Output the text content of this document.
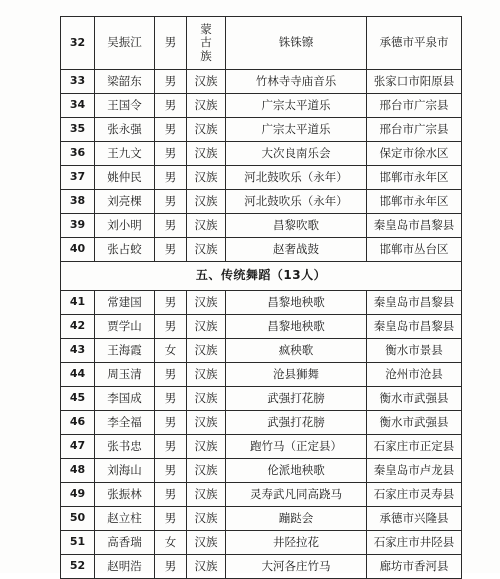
32	吴振江	男	蒙古族	铢铢镲	承德市平泉市
33	梁韶东	男	汉族	竹林寺寺庙音乐	张家口市阳原县
34	王国令	男	汉族	广宗太平道乐	邢台市广宗县
35	张永强	男	汉族	广宗太平道乐	邢台市广宗县
36	王九文	男	汉族	大次良南乐会	保定市徐水区
37	姚仲民	男	汉族	河北鼓吹乐（永年）	邯郸市永年区
38	刘亮棵	男	汉族	河北鼓吹乐（永年）	邯郸市永年区
39	刘小明	男	汉族	昌黎吹歌	秦皇岛市昌黎县
40	张占蛟	男	汉族	赵奢战鼓	邯郸市丛台区
五、传统舞蹈（13人）					
41	常建国	男	汉族	昌黎地秧歌	秦皇岛市昌黎县
42	贾学山	男	汉族	昌黎地秧歌	秦皇岛市昌黎县
43	王海霞	女	汉族	疯秧歌	衡水市景县
44	周玉清	男	汉族	沧县狮舞	沧州市沧县
45	李国成	男	汉族	武强打花膀	衡水市武强县
46	李全福	男	汉族	武强打花膀	衡水市武强县
47	张书忠	男	汉族	跑竹马（正定县）	石家庄市正定县
48	刘海山	男	汉族	伦派地秧歌	秦皇岛市卢龙县
49	张振林	男	汉族	灵寿武凡同高跷马	石家庄市灵寿县
50	赵立柱	男	汉族	蹦跶会	承德市兴隆县
51	高香瑞	女	汉族	井陉拉花	石家庄市井陉县
52	赵明浩	男	汉族	大河各庄竹马	廊坊市香河县
